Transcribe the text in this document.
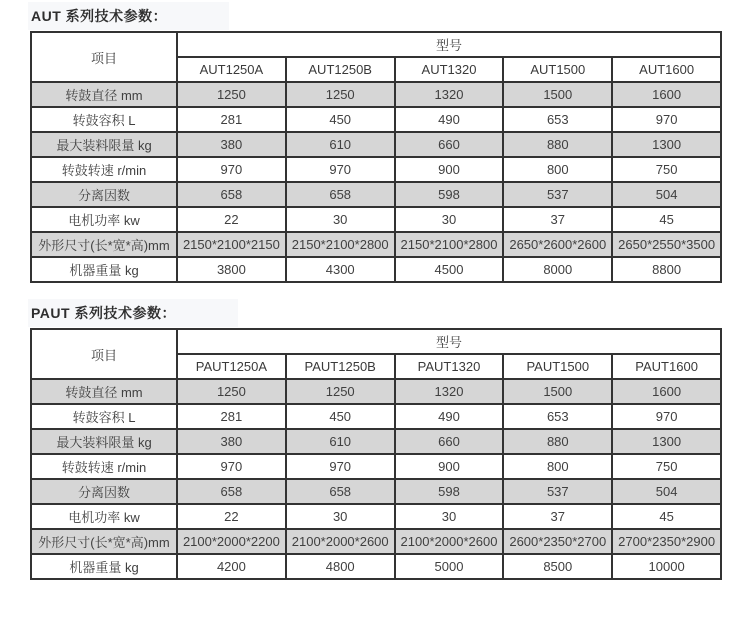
AUT 系列技术参数：
项目	型号				
	AUT1250A	AUT1250B	AUT1320	AUT1500	AUT1600
转鼓直径 mm	1250	1250	1320	1500	1600
转鼓容积 L	281	450	490	653	970
最大装料限量 kg	380	610	660	880	1300
转鼓转速 r/min	970	970	900	800	750
分离因数	658	658	598	537	504
电机功率 kw	22	30	30	37	45
外形尺寸(长*宽*高)mm	2150*2100*2150	2150*2100*2800	2150*2100*2800	2650*2600*2600	2650*2550*3500
机器重量 kg	3800	4300	4500	8000	8800
PAUT 系列技术参数：
项目	型号				
	PAUT1250A	PAUT1250B	PAUT1320	PAUT1500	PAUT1600
转鼓直径 mm	1250	1250	1320	1500	1600
转鼓容积 L	281	450	490	653	970
最大装料限量 kg	380	610	660	880	1300
转鼓转速 r/min	970	970	900	800	750
分离因数	658	658	598	537	504
电机功率 kw	22	30	30	37	45
外形尺寸(长*宽*高)mm	2100*2000*2200	2100*2000*2600	2100*2000*2600	2600*2350*2700	2700*2350*2900
机器重量 kg	4200	4800	5000	8500	10000
